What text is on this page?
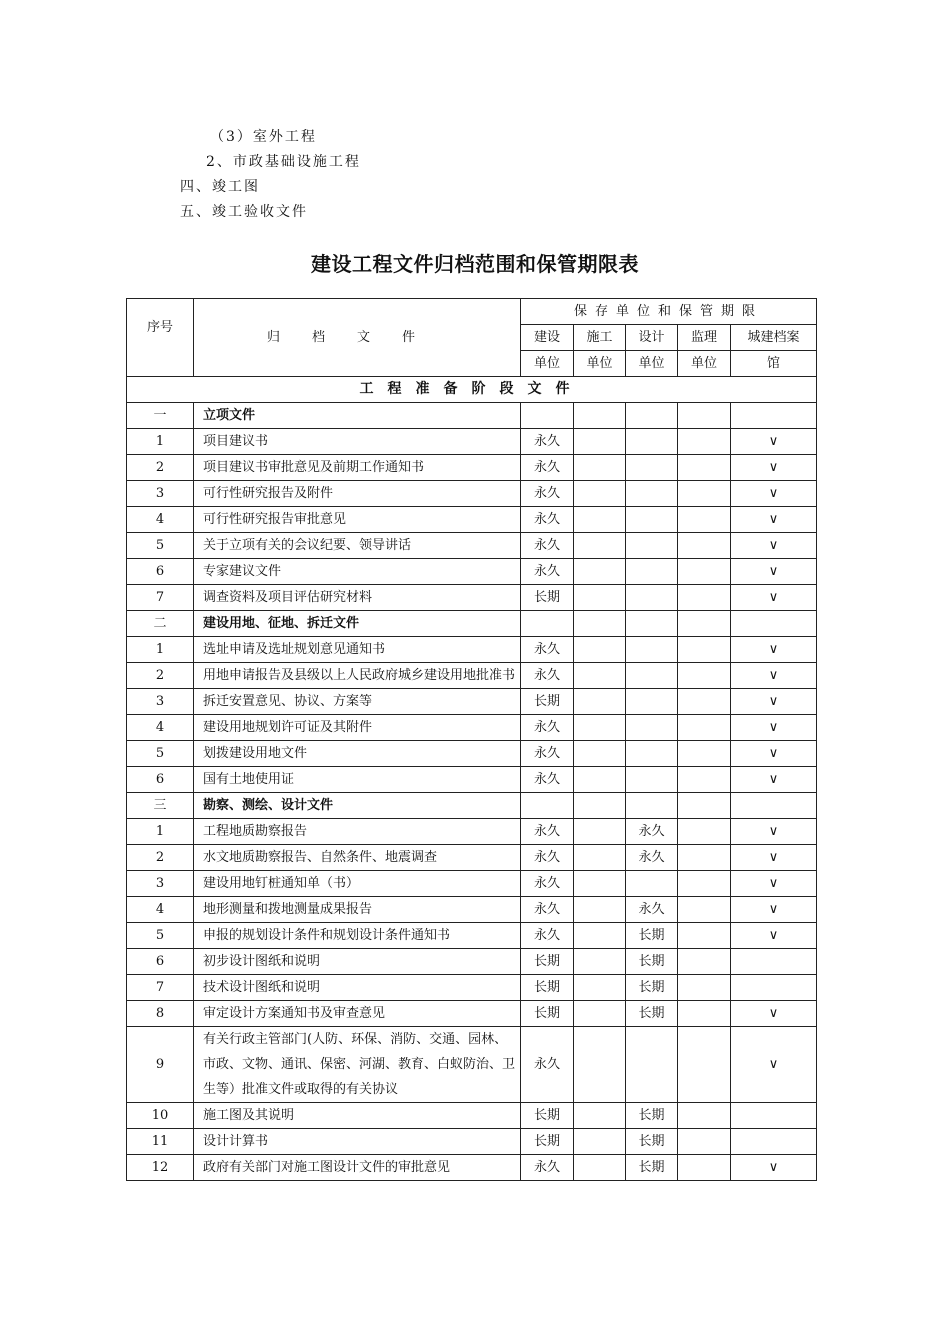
（3）室外工程
2、市政基础设施工程
四、竣工图
五、竣工验收文件
建设工程文件归档范围和保管期限表
序号	归档文件	保存单位和保管期限				
		建设	施工	设计	监理	城建档案
		单位	单位	单位	单位	馆
工程准备阶段文件						
一	立项文件					
1	项目建议书	永久				∨
2	项目建议书审批意见及前期工作通知书	永久				∨
3	可行性研究报告及附件	永久				∨
4	可行性研究报告审批意见	永久				∨
5	关于立项有关的会议纪要、领导讲话	永久				∨
6	专家建议文件	永久				∨
7	调查资料及项目评估研究材料	长期				∨
二	建设用地、征地、拆迁文件					
1	选址申请及选址规划意见通知书	永久				∨
2	用地申请报告及县级以上人民政府城乡建设用地批准书	永久				∨
3	拆迁安置意见、协议、方案等	长期				∨
4	建设用地规划许可证及其附件	永久				∨
5	划拨建设用地文件	永久				∨
6	国有土地使用证	永久				∨
三	勘察、测绘、设计文件					
1	工程地质勘察报告	永久		永久		∨
2	水文地质勘察报告、自然条件、地震调查	永久		永久		∨
3	建设用地钉桩通知单（书）	永久				∨
4	地形测量和拨地测量成果报告	永久		永久		∨
5	申报的规划设计条件和规划设计条件通知书	永久		长期		∨
6	初步设计图纸和说明	长期		长期		
7	技术设计图纸和说明	长期		长期		
8	审定设计方案通知书及审查意见	长期		长期		∨
9	有关行政主管部门(人防、环保、消防、交通、园林、市政、文物、通讯、保密、河湖、教育、白蚁防治、卫生等）批准文件或取得的有关协议	永久				∨
10	施工图及其说明	长期		长期		
11	设计计算书	长期		长期		
12	政府有关部门对施工图设计文件的审批意见	永久		长期		∨
